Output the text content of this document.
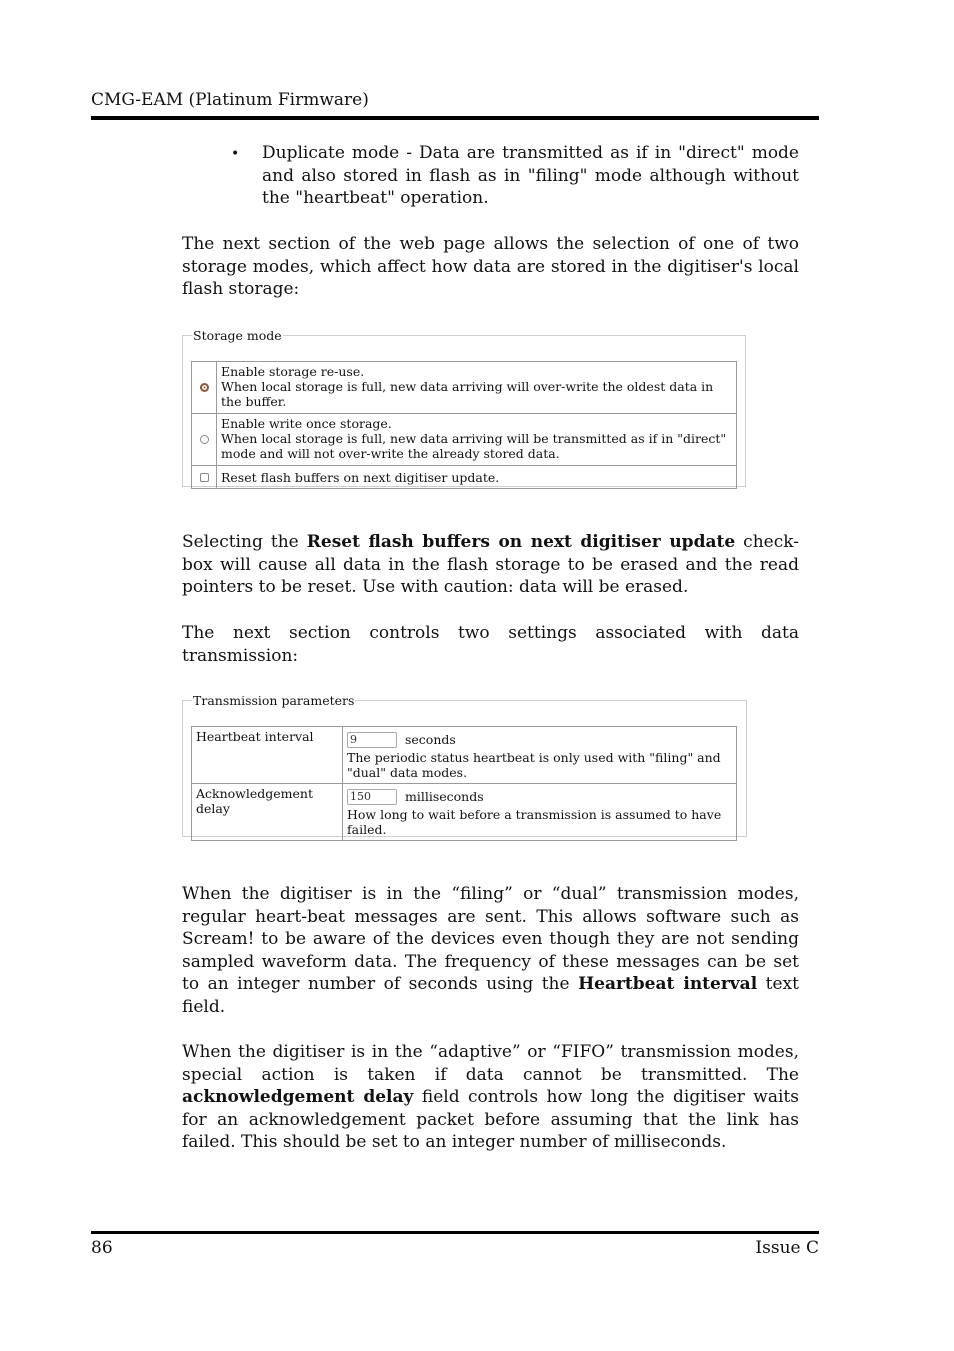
CMG-EAM (Platinum Firmware)
• Duplicate mode - Data are transmitted as if in "direct" mode and also stored in flash as in "filing" mode although without the "heartbeat" operation.

The next section of the web page allows the selection of one of two storage modes, which affect how data are stored in the digitiser's local flash storage:

Storage mode

	Enable storage re-use.
When local storage is full, new data arriving will over-write the oldest data in the buffer.

	Enable write once storage.
When local storage is full, new data arriving will be transmitted as if in "direct" mode and will not over-write the already stored data.

	Reset flash buffers on next digitiser update.

Selecting the Reset flash buffers on next digitiser update check-box will cause all data in the flash storage to be erased and the read pointers to be reset. Use with caution: data will be erased.

The next section controls two settings associated with data transmission:

Transmission parameters
Heartbeat interval	
9seconds
The periodic status heartbeat is only used with "filing" and "dual" data modes.

Acknowledgement delay	
150 milliseconds
How long to wait before a transmission is assumed to have failed.

When the digitiser is in the “filing” or “dual” transmission modes, regular heart-beat messages are sent. This allows software such as Scream! to be aware of the devices even though they are not sending sampled waveform data. The frequency of these messages can be set to an integer number of seconds using the Heartbeat interval text field.

When the digitiser is in the “adaptive” or “FIFO” transmission modes, special action is taken if data cannot be transmitted. The acknowledgement delay field controls how long the digitiser waits for an acknowledgement packet before assuming that the link has failed. This should be set to an integer number of milliseconds.

86	Issue C
